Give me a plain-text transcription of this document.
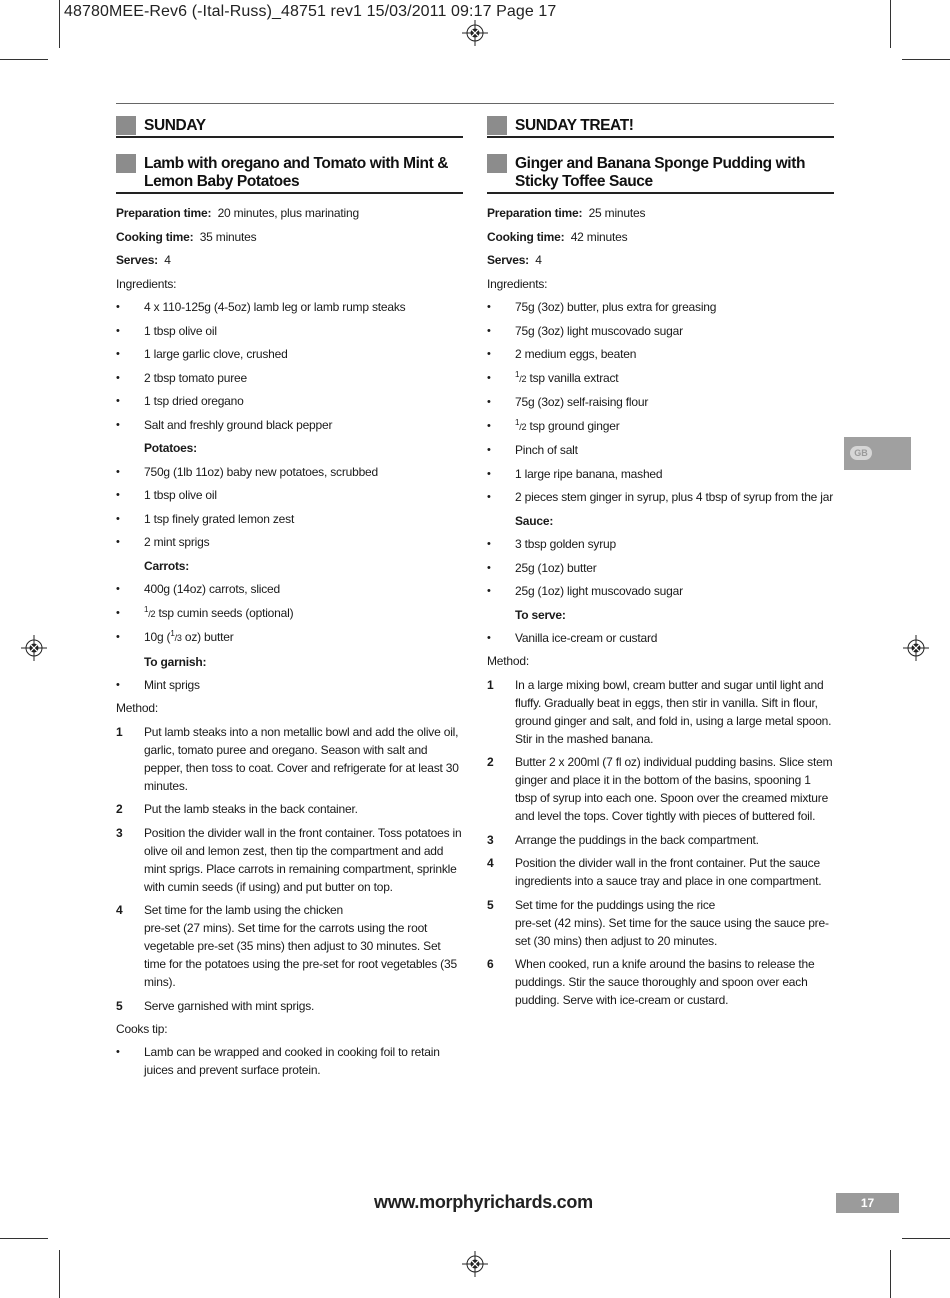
48780MEE-Rev6 (-Ital-Russ)_48751 rev1 15/03/2011 09:17 Page 17
SUNDAY
Lamb with oregano and Tomato with Mint & Lemon Baby Potatoes
Preparation time: 20 minutes, plus marinating
Cooking time: 35 minutes
Serves: 4
Ingredients:
•	4 x 110-125g (4-5oz) lamb leg or lamb rump steaks
•	1 tbsp olive oil
•	1 large garlic clove, crushed
•	2 tbsp tomato puree
•	1 tsp dried oregano
•	Salt and freshly ground black pepper
Potatoes:
•	750g (1lb 11oz) baby new potatoes, scrubbed
•	1 tbsp olive oil
•	1 tsp finely grated lemon zest
•	2 mint sprigs
Carrots:
•	400g (14oz) carrots, sliced
•	$^1$/2 tsp cumin seeds (optional)
•	10g ($^1$/3 oz) butter
To garnish:
•	Mint sprigs
Method:
1	Put lamb steaks into a non metallic bowl and add the olive oil, garlic, tomato puree and oregano. Season with salt and pepper, then toss to coat. Cover and refrigerate for at least 30 minutes.
2	Put the lamb steaks in the back container.
3	Position the divider wall in the front container. Toss potatoes in olive oil and lemon zest, then tip the compartment and add mint sprigs. Place carrots in remaining compartment, sprinkle with cumin seeds (if using) and put butter on top.
4	Set time for the lamb using the chicken
pre-set (27 mins). Set time for the carrots using the root vegetable pre-set (35 mins) then adjust to 30 minutes. Set time for the potatoes using the pre-set for root vegetables (35 mins).
5	Serve garnished with mint sprigs.
Cooks tip:
•	Lamb can be wrapped and cooked in cooking foil to retain juices and prevent surface protein.
SUNDAY TREAT!
Ginger and Banana Sponge Pudding with Sticky Toffee Sauce
Preparation time: 25 minutes
Cooking time: 42 minutes
Serves: 4
Ingredients:
•	75g (3oz) butter, plus extra for greasing
•	75g (3oz) light muscovado sugar
•	2 medium eggs, beaten
•	$^1$/2 tsp vanilla extract
•	75g (3oz) self-raising flour
•	$^1$/2 tsp ground ginger
•	Pinch of salt
•	1 large ripe banana, mashed
•	2 pieces stem ginger in syrup, plus 4 tbsp of syrup from the jar
Sauce:
•	3 tbsp golden syrup
•	25g (1oz) butter
•	25g (1oz) light muscovado sugar
To serve:
•	Vanilla ice-cream or custard
Method:
1	In a large mixing bowl, cream butter and sugar until light and fluffy. Gradually beat in eggs, then stir in vanilla. Sift in flour, ground ginger and salt, and fold in, using a large metal spoon. Stir in the mashed banana.
2	Butter 2 x 200ml (7 fl oz) individual pudding basins. Slice stem ginger and place it in the bottom of the basins, spooning 1 tbsp of syrup into each one. Spoon over the creamed mixture and level the tops. Cover tightly with pieces of buttered foil.
3	Arrange the puddings in the back compartment.
4	Position the divider wall in the front container. Put the sauce ingredients into a sauce tray and place in one compartment.
5	Set time for the puddings using the rice
pre-set (42 mins). Set time for the sauce using the sauce pre-set (30 mins) then adjust to 20 minutes.
6	When cooked, run a knife around the basins to release the puddings. Stir the sauce thoroughly and spoon over each pudding. Serve with ice-cream or custard.
GB
www.morphyrichards.com	17
